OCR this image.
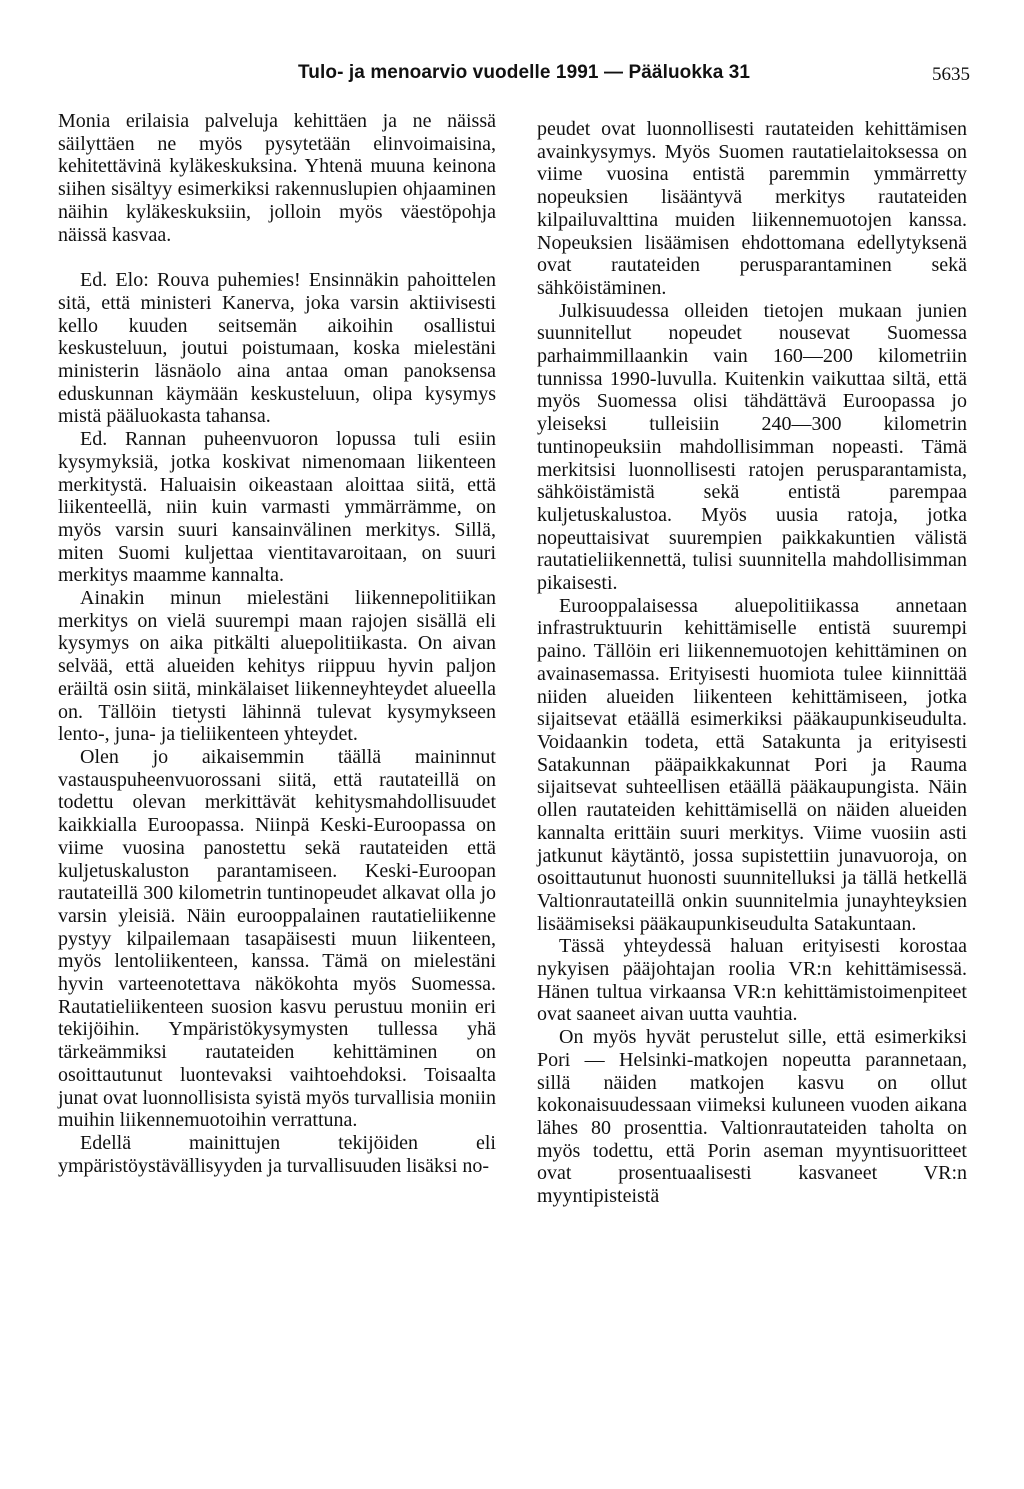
Tulo- ja menoarvio vuodelle 1991 — Pääluokka 31	5635

Monia erilaisia palveluja kehittäen ja ne näissä säilyttäen ne myös pysytetään elinvoimaisina, kehitettävinä kyläkeskuksina. Yhtenä muuna keinona siihen sisältyy esimerkiksi rakennuslupien ohjaaminen näihin kyläkeskuksiin, jolloin myös väestöpohja näissä kasvaa.

Ed. Elo: Rouva puhemies! Ensinnäkin pahoittelen sitä, että ministeri Kanerva, joka varsin aktiivisesti kello kuuden seitsemän aikoihin osallistui keskusteluun, joutui poistumaan, koska mielestäni ministerin läsnäolo aina antaa oman panoksensa eduskunnan käymään keskusteluun, olipa kysymys mistä pääluokasta tahansa.

Ed. Rannan puheenvuoron lopussa tuli esiin kysymyksiä, jotka koskivat nimenomaan liikenteen merkitystä. Haluaisin oikeastaan aloittaa siitä, että liikenteellä, niin kuin varmasti ymmärrämme, on myös varsin suuri kansainvälinen merkitys. Sillä, miten Suomi kuljettaa vientitavaroitaan, on suuri merkitys maamme kannalta.

Ainakin minun mielestäni liikennepolitiikan merkitys on vielä suurempi maan rajojen sisällä eli kysymys on aika pitkälti aluepolitiikasta. On aivan selvää, että alueiden kehitys riippuu hyvin paljon eräiltä osin siitä, minkälaiset liikenneyhteydet alueella on. Tällöin tietysti lähinnä tulevat kysymykseen lento-, juna- ja tieliikenteen yhteydet.

Olen jo aikaisemmin täällä maininnut vastauspuheenvuorossani siitä, että rautateillä on todettu olevan merkittävät kehitysmahdollisuudet kaikkialla Euroopassa. Niinpä Keski-Euroopassa on viime vuosina panostettu sekä rautateiden että kuljetuskaluston parantamiseen. Keski-Euroopan rautateillä 300 kilometrin tuntinopeudet alkavat olla jo varsin yleisiä. Näin eurooppalainen rautatieliikenne pystyy kilpailemaan tasapäisesti muun liikenteen, myös lentoliikenteen, kanssa. Tämä on mielestäni hyvin varteenotettava näkökohta myös Suomessa. Rautatieliikenteen suosion kasvu perustuu moniin eri tekijöihin. Ympäristökysymysten tullessa yhä tärkeämmiksi rautateiden kehittäminen on osoittautunut luontevaksi vaihtoehdoksi. Toisaalta junat ovat luonnollisista syistä myös turvallisia moniin muihin liikennemuotoihin verrattuna.

Edellä mainittujen tekijöiden eli ympäristöystävällisyyden ja turvallisuuden lisäksi no-

peudet ovat luonnollisesti rautateiden kehittämisen avainkysymys. Myös Suomen rautatielaitoksessa on viime vuosina entistä paremmin ymmärretty nopeuksien lisääntyvä merkitys rautateiden kilpailuvalttina muiden liikennemuotojen kanssa. Nopeuksien lisäämisen ehdottomana edellytyksenä ovat rautateiden perusparantaminen sekä sähköistäminen.

Julkisuudessa olleiden tietojen mukaan junien suunnitellut nopeudet nousevat Suomessa parhaimmillaankin vain 160—200 kilometriin tunnissa 1990-luvulla. Kuitenkin vaikuttaa siltä, että myös Suomessa olisi tähdättävä Euroopassa jo yleiseksi tulleisiin 240—300 kilometrin tuntinopeuksiin mahdollisimman nopeasti. Tämä merkitsisi luonnollisesti ratojen perusparantamista, sähköistämistä sekä entistä parempaa kuljetuskalustoa. Myös uusia ratoja, jotka nopeuttaisivat suurempien paikkakuntien välistä rautatieliikennettä, tulisi suunnitella mahdollisimman pikaisesti.

Eurooppalaisessa aluepolitiikassa annetaan infrastruktuurin kehittämiselle entistä suurempi paino. Tällöin eri liikennemuotojen kehittäminen on avainasemassa. Erityisesti huomiota tulee kiinnittää niiden alueiden liikenteen kehittämiseen, jotka sijaitsevat etäällä esimerkiksi pääkaupunkiseudulta. Voidaankin todeta, että Satakunta ja erityisesti Satakunnan pääpaikkakunnat Pori ja Rauma sijaitsevat suhteellisen etäällä pääkaupungista. Näin ollen rautateiden kehittämisellä on näiden alueiden kannalta erittäin suuri merkitys. Viime vuosiin asti jatkunut käytäntö, jossa supistettiin junavuoroja, on osoittautunut huonosti suunnitelluksi ja tällä hetkellä Valtionrautateillä onkin suunnitelmia junayhteyksien lisäämiseksi pääkaupunkiseudulta Satakuntaan.

Tässä yhteydessä haluan erityisesti korostaa nykyisen pääjohtajan roolia VR:n kehittämisessä. Hänen tultua virkaansa VR:n kehittämistoimenpiteet ovat saaneet aivan uutta vauhtia.

On myös hyvät perustelut sille, että esimerkiksi Pori — Helsinki-matkojen nopeutta parannetaan, sillä näiden matkojen kasvu on ollut kokonaisuudessaan viimeksi kuluneen vuoden aikana lähes 80 prosenttia. Valtionrautateiden taholta on myös todettu, että Porin aseman myyntisuoritteet ovat prosentuaalisesti kasvaneet VR:n myyntipisteistä
